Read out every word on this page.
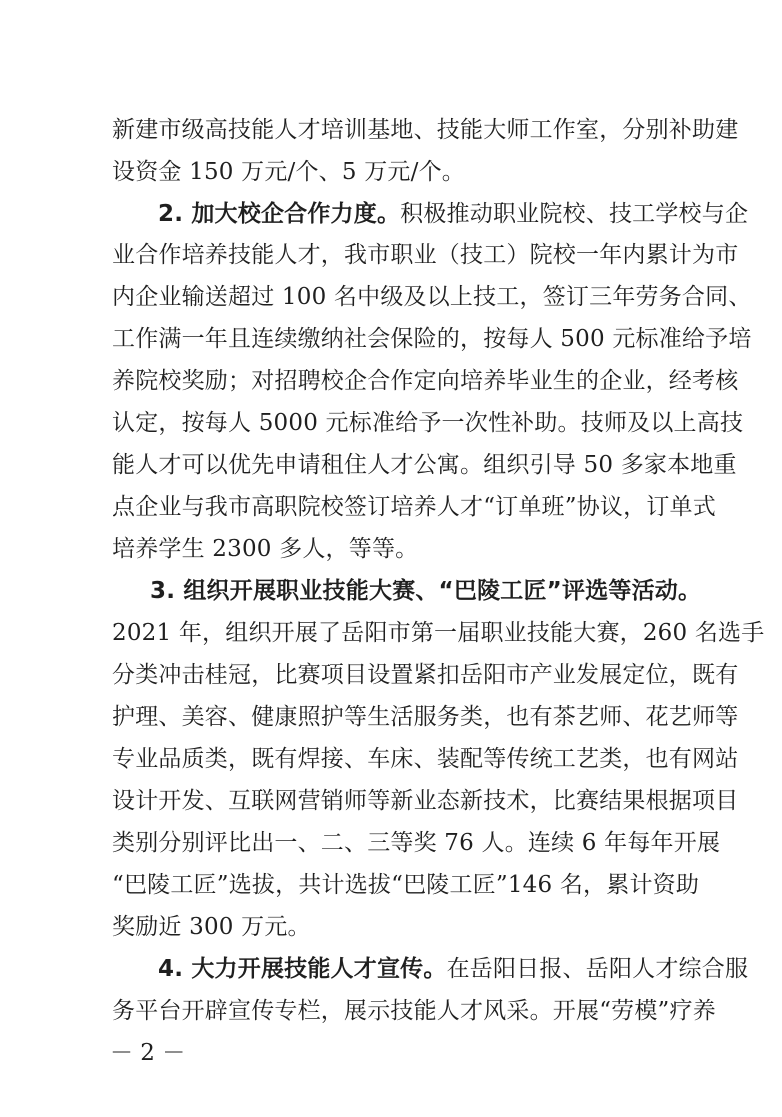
新建市级高技能人才培训基地、技能大师工作室，分别补助建
设资金 150 万元/个、5 万元/个。
2. 加大校企合作力度。积极推动职业院校、技工学校与企
业合作培养技能人才，我市职业（技工）院校一年内累计为市
内企业输送超过 100 名中级及以上技工，签订三年劳务合同、
工作满一年且连续缴纳社会保险的，按每人 500 元标准给予培
养院校奖励；对招聘校企合作定向培养毕业生的企业，经考核
认定，按每人 5000 元标准给予一次性补助。技师及以上高技
能人才可以优先申请租住人才公寓。组织引导 50 多家本地重
点企业与我市高职院校签订培养人才“订单班”协议，订单式
培养学生 2300 多人，等等。
3. 组织开展职业技能大赛、“巴陵工匠”评选等活动。
2021 年，组织开展了岳阳市第一届职业技能大赛，260 名选手
分类冲击桂冠，比赛项目设置紧扣岳阳市产业发展定位，既有
护理、美容、健康照护等生活服务类，也有茶艺师、花艺师等
专业品质类，既有焊接、车床、装配等传统工艺类，也有网站
设计开发、互联网营销师等新业态新技术，比赛结果根据项目
类别分别评比出一、二、三等奖 76 人。连续 6 年每年开展
“巴陵工匠”选拔，共计选拔“巴陵工匠”146 名，累计资助
奖励近 300 万元。
4. 大力开展技能人才宣传。在岳阳日报、岳阳人才综合服
务平台开辟宣传专栏，展示技能人才风采。开展“劳模”疗养
－ 2 －
